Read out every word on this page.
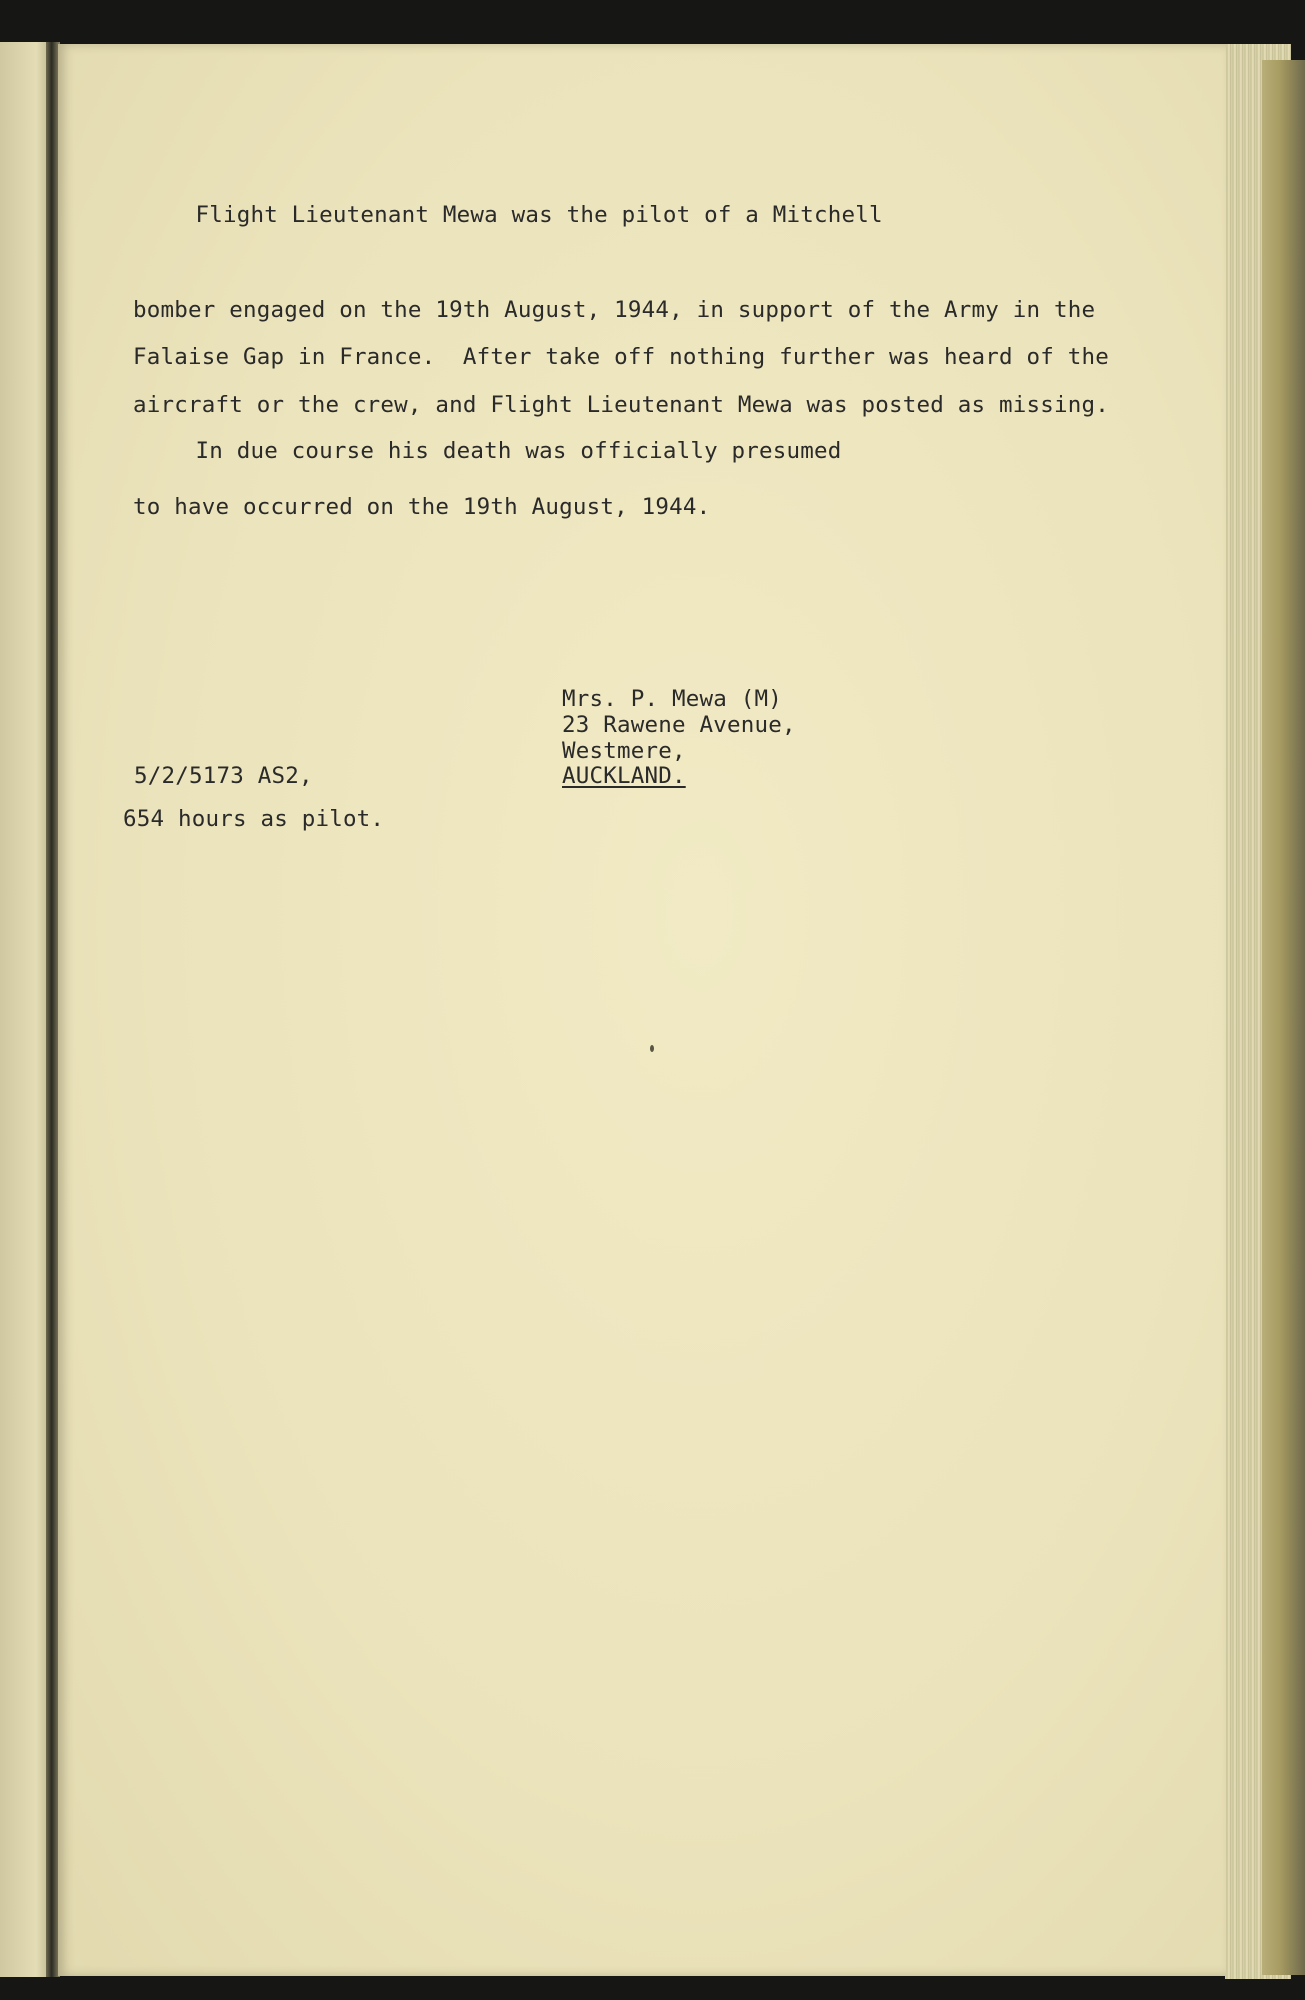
Flight Lieutenant Mewa was the pilot of a Mitchell

bomber engaged on the 19th August, 1944, in support of the Army in the

Falaise Gap in France.  After take off nothing further was heard of the

aircraft or the crew, and Flight Lieutenant Mewa was posted as missing.

In due course his death was officially presumed

to have occurred on the 19th August, 1944.

Mrs. P. Mewa (M)

23 Rawene Avenue,

Westmere,

AUCKLAND.

5/2/5173 AS2,

654 hours as pilot.
